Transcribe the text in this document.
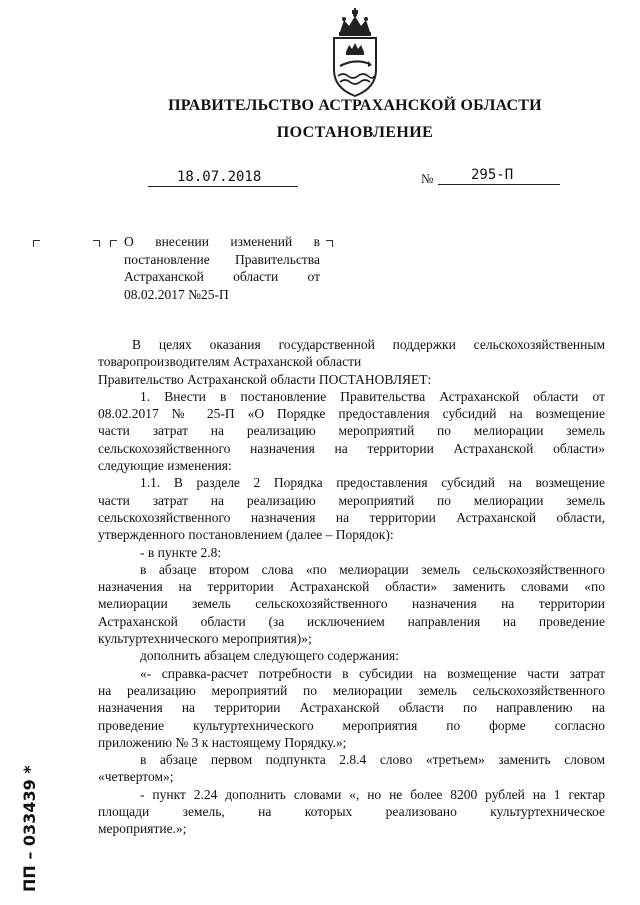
ПРАВИТЕЛЬСТВО АСТРАХАНСКОЙ ОБЛАСТИ
ПОСТАНОВЛЕНИЕ
18.07.2018	№	295-П
О внесении изменений в
постановление Правительства
Астраханской области от
08.02.2017 №25-П
В целях оказания государственной поддержки сельскохозяйственным
товаропроизводителям Астраханской области
Правительство Астраханской области ПОСТАНОВЛЯЕТ:
1. Внести в постановление Правительства Астраханской области от
08.02.2017 № 25-П «О Порядке предоставления субсидий на возмещение
части затрат на реализацию мероприятий по мелиорации земель
сельскохозяйственного назначения на территории Астраханской области»
следующие изменения:
1.1. В разделе 2 Порядка предоставления субсидий на возмещение
части затрат на реализацию мероприятий по мелиорации земель
сельскохозяйственного назначения на территории Астраханской области,
утвержденного постановлением (далее – Порядок):
- в пункте 2.8:
в абзаце втором слова «по мелиорации земель сельскохозяйственного
назначения на территории Астраханской области» заменить словами «по
мелиорации земель сельскохозяйственного назначения на территории
Астраханской области (за исключением направления на проведение
культуртехнического мероприятия)»;
дополнить абзацем следующего содержания:
«- справка-расчет потребности в субсидии на возмещение части затрат
на реализацию мероприятий по мелиорации земель сельскохозяйственного
назначения на территории Астраханской области по направлению на
проведение культуртехнического мероприятия по форме согласно
приложению № 3 к настоящему Порядку.»;
в абзаце первом подпункта 2.8.4 слово «третьем» заменить словом
«четвертом»;
- пункт 2.24 дополнить словами «, но не более 8200 рублей на 1 гектар
площади земель, на которых реализовано культуртехническое
мероприятие.»;
ПП – 033439 *
